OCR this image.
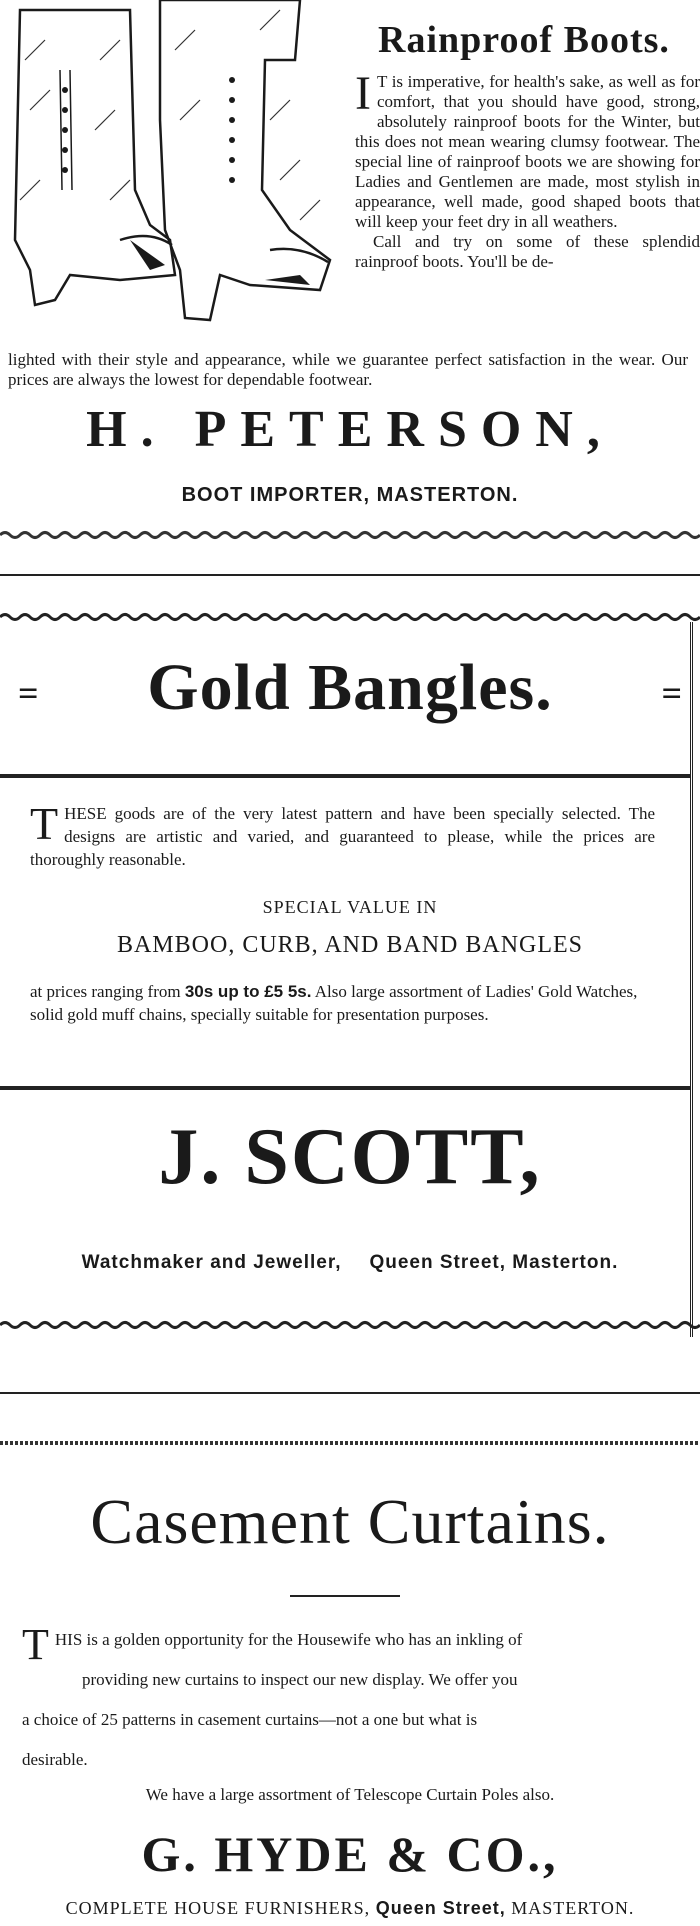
Rainproof Boots.
I T is imperative, for health's sake, as well as for comfort, that you should have good, strong, absolutely rainproof boots for the Winter, but this does not mean wearing clumsy footwear. The special line of rainproof boots we are showing for Ladies and Gentlemen are made, most stylish in appearance, well made, good shaped boots that will keep your feet dry in all weathers.

Call and try on some of these splendid rainproof boots. You'll be de-

lighted with their style and appearance, while we guarantee perfect satisfaction in the wear. Our prices are always the lowest for dependable footwear.

H. PETERSON,
BOOT IMPORTER, MASTERTON.
= Gold Bangles.	=
T HESE goods are of the very latest pattern and have been specially selected. The designs are artistic and varied, and guaranteed to please, while the prices are thoroughly reasonable.
SPECIAL VALUE IN
BAMBOO, CURB, AND BAND BANGLES

at prices ranging from 30s up to £5 5s. Also large assortment of Ladies' Gold Watches, solid gold muff chains, specially suitable for presentation purposes.

J. SCOTT,
Watchmaker and Jeweller, Queen Street, Masterton.
Casement Curtains.
T HIS is a golden opportunity for the Housewife who has an inkling of

providing new curtains to inspect our new display. We offer you

a choice of 25 patterns in casement curtains—not a one but what is

desirable.

We have a large assortment of Telescope Curtain Poles also.
G. HYDE & CO.,
COMPLETE HOUSE FURNISHERS, Queen Street, MASTERTON.
